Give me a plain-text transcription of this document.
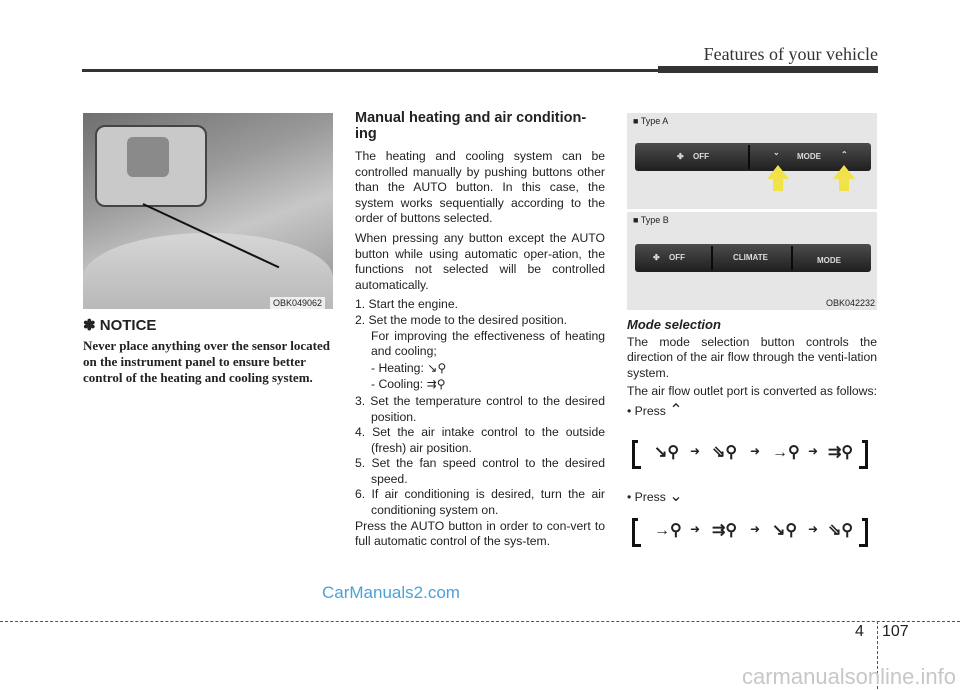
Features of your vehicle
OBK049062
✽ NOTICE
Never place anything over the sensor located on the instrument panel to ensure better control of the heating and cooling system.
Manual heating and air condition-ing

The heating and cooling system can be controlled manually by pushing buttons other than the AUTO button. In this case, the system works sequentially according to the order of buttons selected.

When pressing any button except the AUTO button while using automatic oper-ation, the functions not selected will be controlled automatically.

1. Start the engine.

2. Set the mode to the desired position.

For improving the effectiveness of heating and cooling;

- Heating: ↘⚲

- Cooling: ⇉⚲

3. Set the temperature control to the desired position.

4. Set the air intake control to the outside (fresh) air position.

5. Set the fan speed control to the desired speed.

6. If air conditioning is desired, turn the air conditioning system on.

Press the AUTO button in order to con-vert to full automatic control of the sys-tem.

■ Type A
✤ OFF	⌄ MODE	⌃
■ Type B
✤ OFF	CLIMATE	MODE
OBK042232
Mode selection

The mode selection button controls the direction of the air flow through the venti-lation system.

The air flow outlet port is converted as follows:

• Press ⌃

↘⚲ ➜ ⇘⚲ ➜ →⚲ ➜ ⇉⚲

• Press ⌄

→⚲ ➜ ⇉⚲ ➜ ↘⚲ ➜ ⇘⚲
CarManuals2.com
4 107
carmanualsonline.info
